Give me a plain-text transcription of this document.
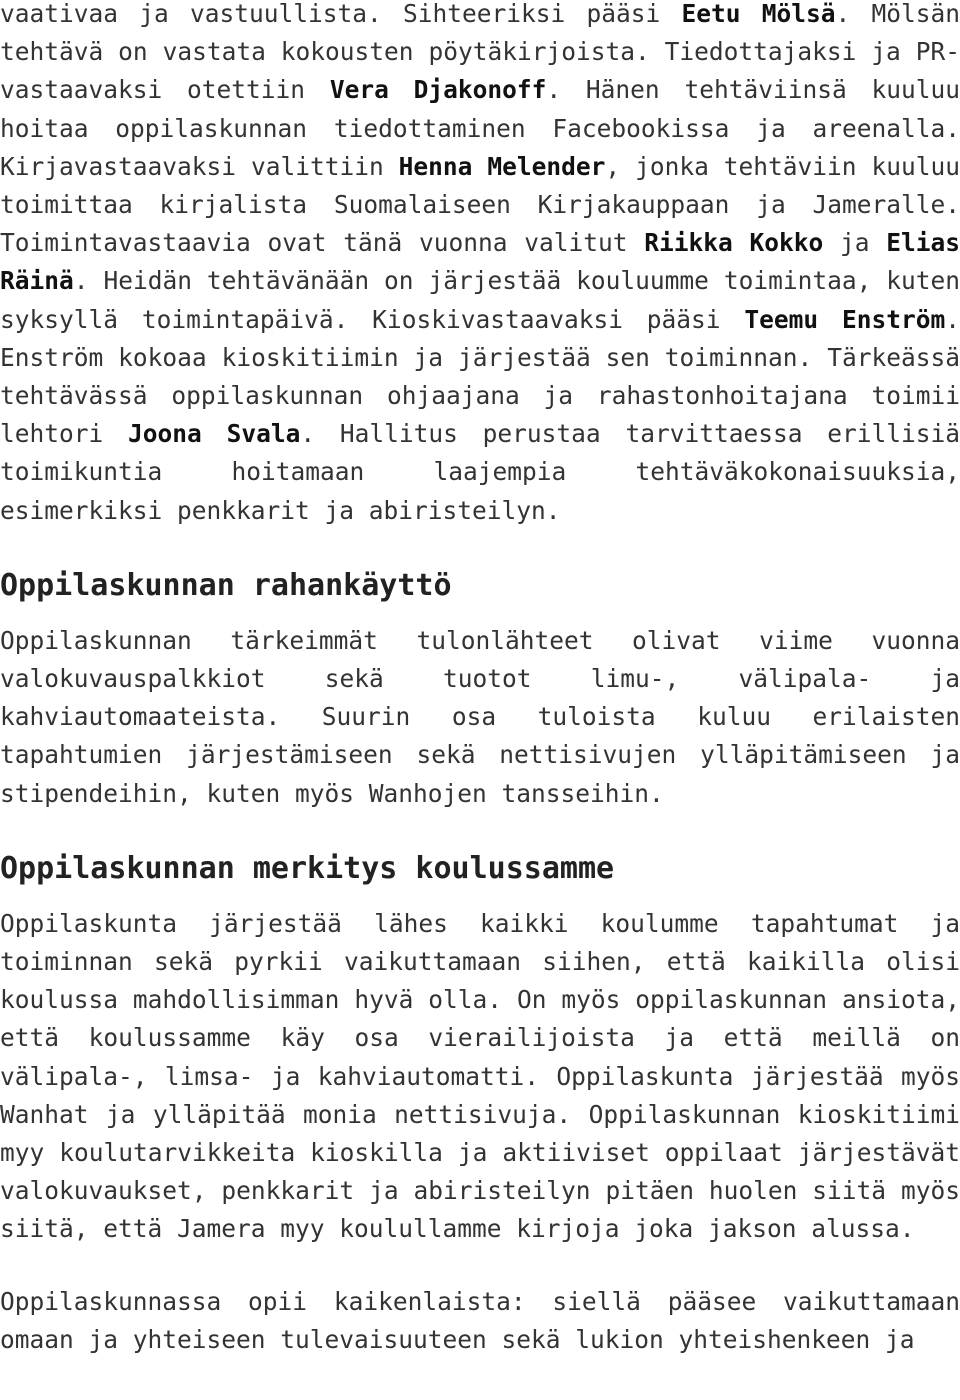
vaativaa ja vastuullista. Sihteeriksi pääsi Eetu Mölsä. Mölsän tehtävä on vastata kokousten pöytäkirjoista. Tiedottajaksi ja PR-vastaavaksi otettiin Vera Djakonoff. Hänen tehtäviinsä kuuluu hoitaa oppilaskunnan tiedottaminen Facebookissa ja areenalla. Kirjavastaavaksi valittiin Henna Melender, jonka tehtäviin kuuluu toimittaa kirjalista Suomalaiseen Kirjakauppaan ja Jameralle. Toimintavastaavia ovat tänä vuonna valitut Riikka Kokko ja Elias Räinä. Heidän tehtävänään on järjestää kouluumme toimintaa, kuten syksyllä toimintapäivä. Kioskivastaavaksi pääsi Teemu Enström. Enström kokoaa kioskitiimin ja järjestää sen toiminnan. Tärkeässä tehtävässä oppilaskunnan ohjaajana ja rahastonhoitajana toimii lehtori Joona Svala. Hallitus perustaa tarvittaessa erillisiä toimikuntia hoitamaan laajempia tehtäväkokonaisuuksia, esimerkiksi penkkarit ja abiristeilyn.

Oppilaskunnan rahankäyttö

Oppilaskunnan tärkeimmät tulonlähteet olivat viime vuonna valokuvauspalkkiot sekä tuotot limu-, välipala- ja kahviautomaateista. Suurin osa tuloista kuluu erilaisten tapahtumien järjestämiseen sekä nettisivujen ylläpitämiseen ja stipendeihin, kuten myös Wanhojen tansseihin.

Oppilaskunnan merkitys koulussamme

Oppilaskunta järjestää lähes kaikki koulumme tapahtumat ja toiminnan sekä pyrkii vaikuttamaan siihen, että kaikilla olisi koulussa mahdollisimman hyvä olla. On myös oppilaskunnan ansiota, että koulussamme käy osa vierailijoista ja että meillä on välipala-, limsa- ja kahviautomatti. Oppilaskunta järjestää myös Wanhat ja ylläpitää monia nettisivuja. Oppilaskunnan kioskitiimi myy koulutarvikkeita kioskilla ja aktiiviset oppilaat järjestävät valokuvaukset, penkkarit ja abiristeilyn pitäen huolen siitä myös siitä, että Jamera myy koulullamme kirjoja joka jakson alussa.

Oppilaskunnassa opii kaikenlaista: siellä pääsee vaikuttamaan omaan ja yhteiseen tulevaisuuteen sekä lukion yhteishenkeen ja
